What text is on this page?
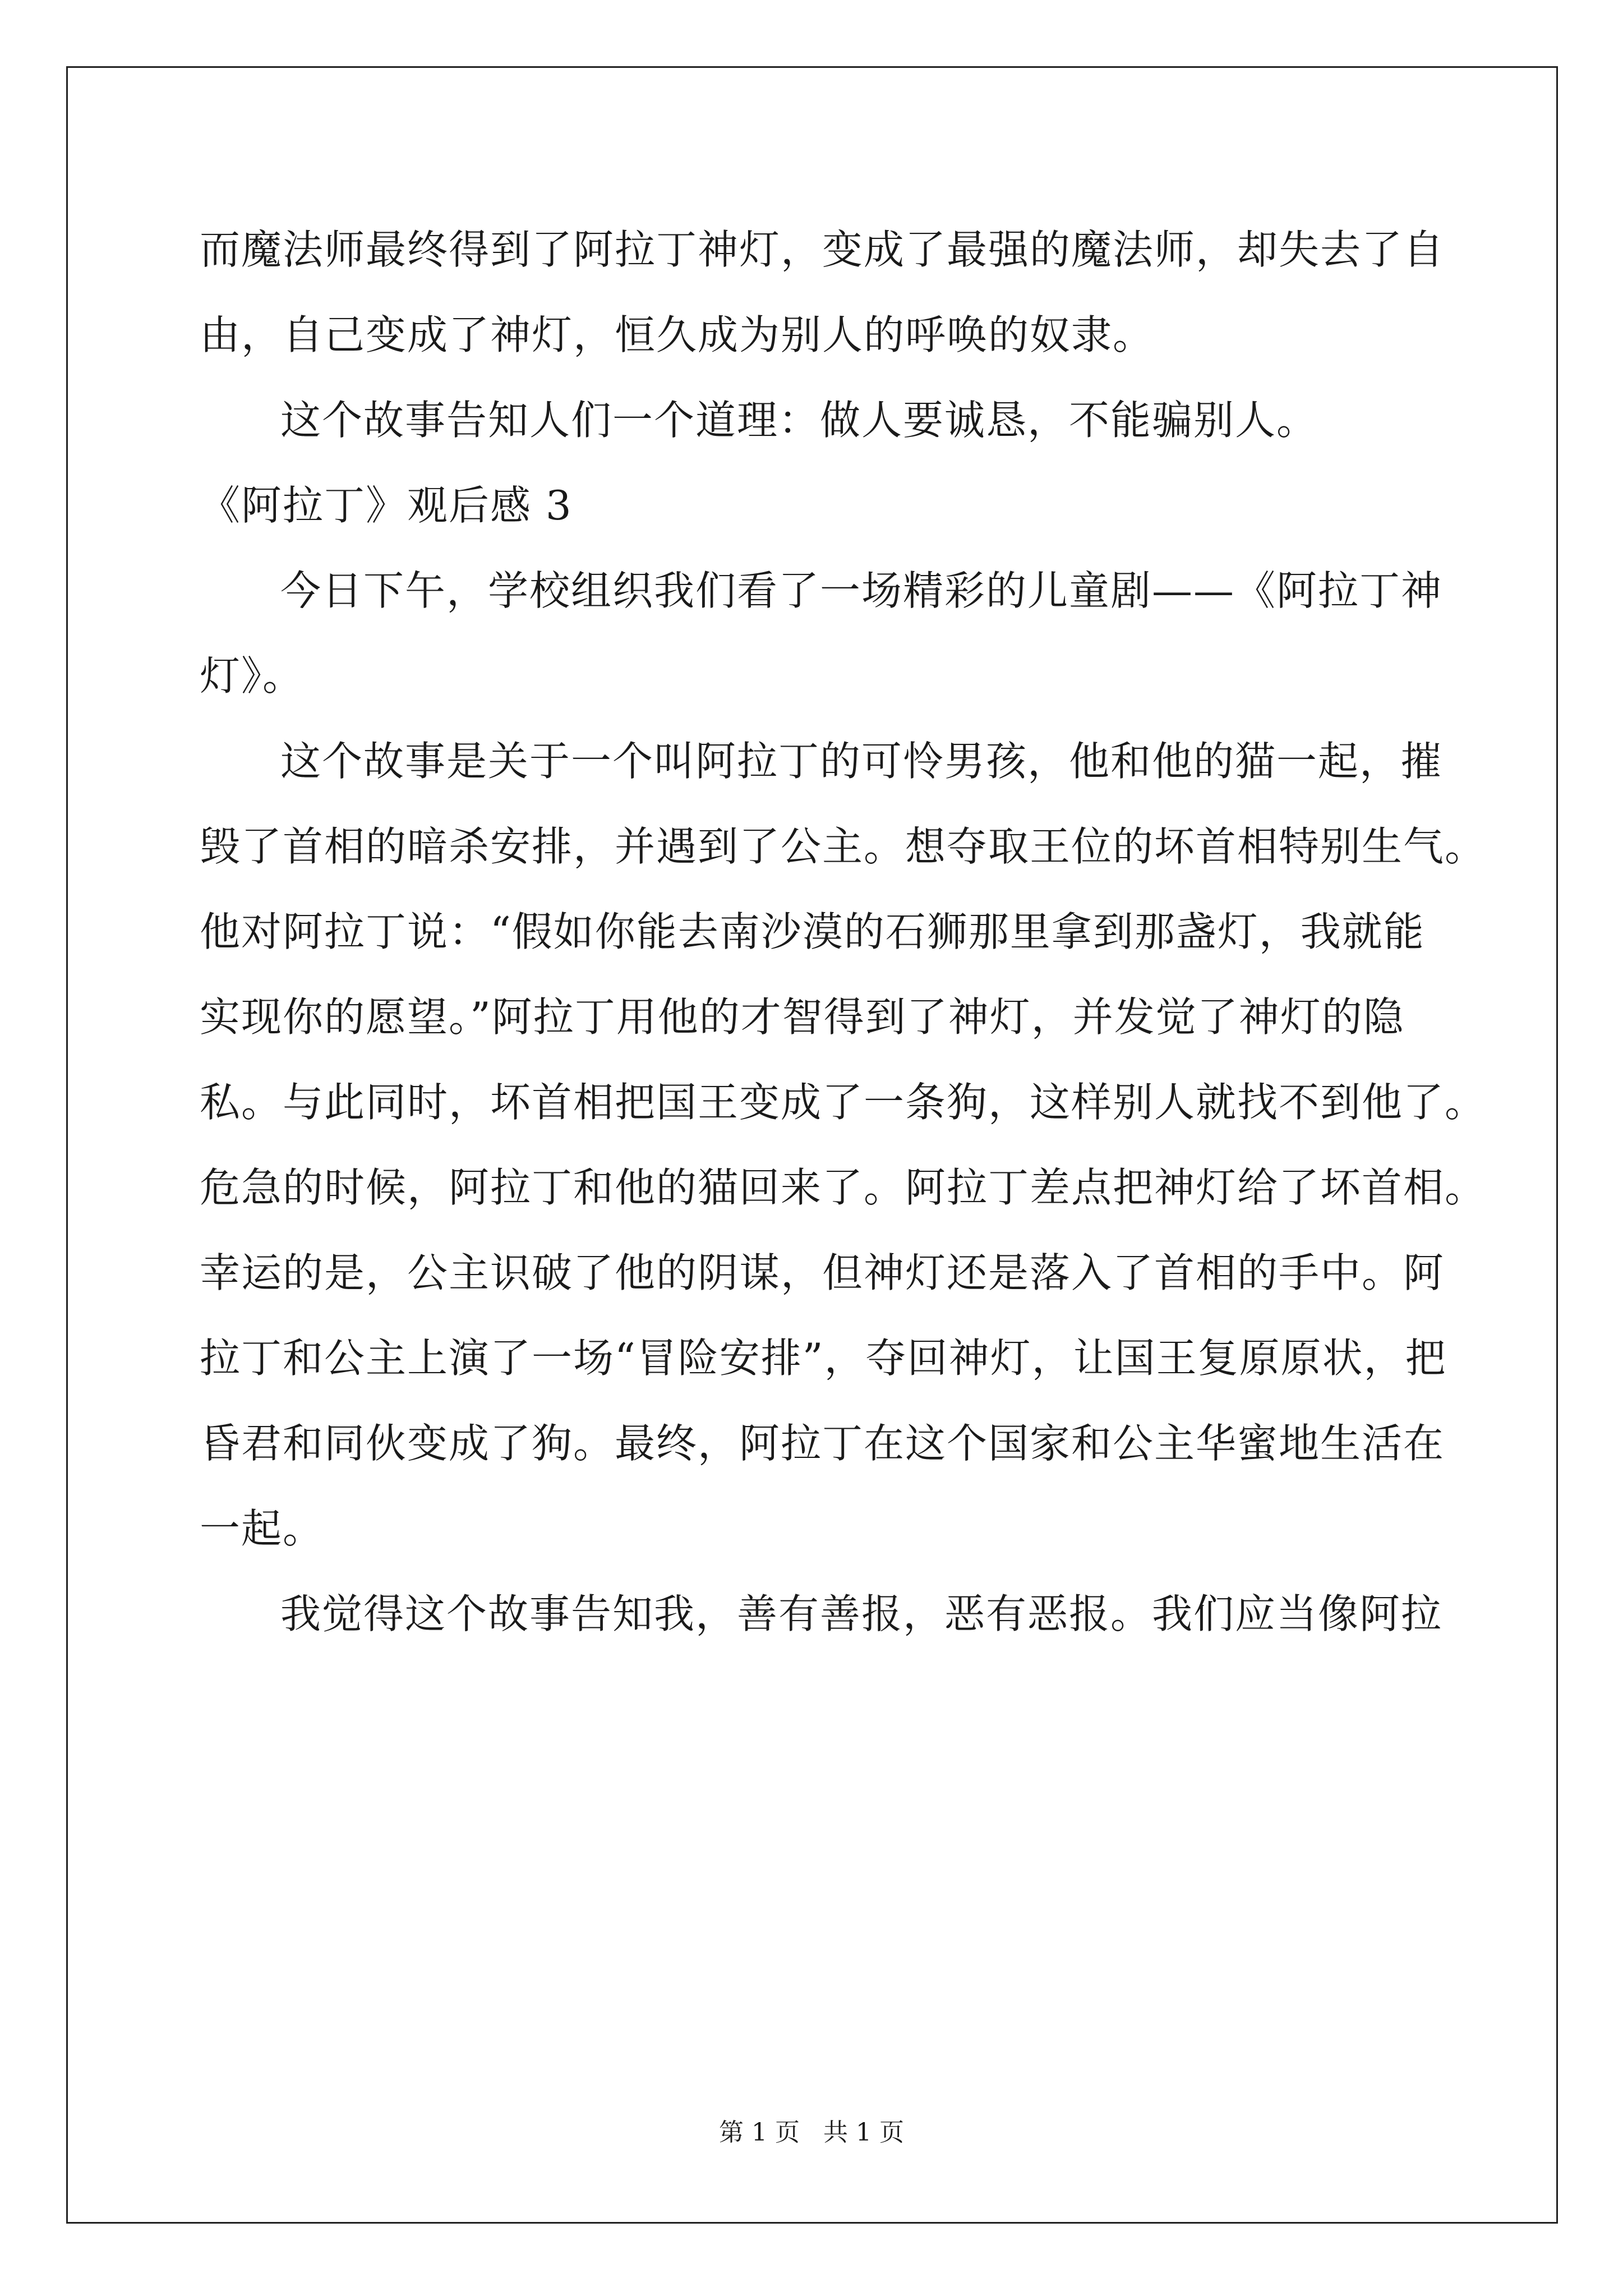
而魔法师最终得到了阿拉丁神灯，变成了最强的魔法师，却失去了自
由，自己变成了神灯，恒久成为别人的呼唤的奴隶。
这个故事告知人们一个道理：做人要诚恳，不能骗别人。
《阿拉丁》观后感 3
今日下午，学校组织我们看了一场精彩的儿童剧——《阿拉丁神
灯》。
这个故事是关于一个叫阿拉丁的可怜男孩，他和他的猫一起，摧
毁了首相的暗杀安排，并遇到了公主。想夺取王位的坏首相特别生气。
他对阿拉丁说：“假如你能去南沙漠的石狮那里拿到那盏灯，我就能
实现你的愿望。”阿拉丁用他的才智得到了神灯，并发觉了神灯的隐
私。与此同时，坏首相把国王变成了一条狗，这样别人就找不到他了。
危急的时候，阿拉丁和他的猫回来了。阿拉丁差点把神灯给了坏首相。
幸运的是，公主识破了他的阴谋，但神灯还是落入了首相的手中。阿
拉丁和公主上演了一场“冒险安排”，夺回神灯，让国王复原原状，把
昏君和同伙变成了狗。最终，阿拉丁在这个国家和公主华蜜地生活在
一起。
我觉得这个故事告知我，善有善报，恶有恶报。我们应当像阿拉
第 1 页   共 1 页
